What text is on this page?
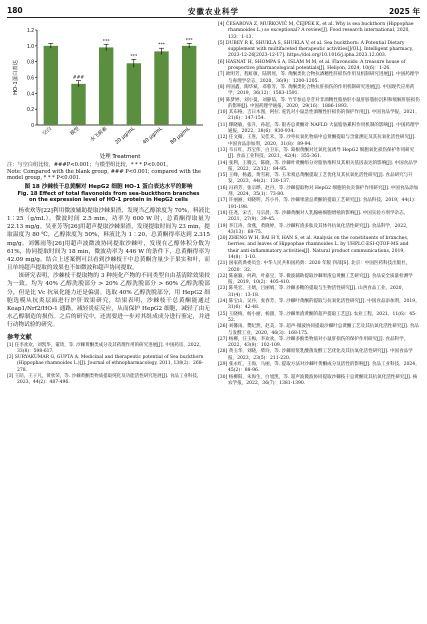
180	安徽农业科学	2025 年
0
0.2
0.4
0.6
0.8
1.0
1.2
HO-1蛋白表达
空白
###
模型
***
水飞蓟素
***
20 μg/mL
***
40 μg/mL
***
80 μg/mL
处理 Treatment
注：与空白组比较，###P<0.001；与模型组比较，* * * P<0.001。
Note: Compared with the blank group, ### P<0.001; compared with the model group, * * * P<0.001.
图 18 沙棘枝干总黄酮对 HepG2 细胞 HO-1 蛋白表达水平的影响
Fig. 18 Effect of total flavonoids from sea-buckthorn branches
on the expression level of HO-1 protein in HepG2 cells

杨欢欢等[22]利用微波辅助提取沙棘果渣，发现当乙醇浓度为 70%，料液比 1∶25（g/mL），微波时间 2.5 min，功率为 600 W 时，总黄酮得取量为 22.13 mg/g。吴亚芳等[26]用超声提取沙棘果渣，发现提取时间为 23 min，提取温度为 80 ℃，乙醇浓度为 50%，料液比为 1∶20，总黄酮得率达到 2.315 mg/g。刘馨雨等[26]用超声波微波协同提取沙棘叶，发现在乙醇体积分数为 61%，协同提取时间为 18 min，微波功率为 446 W 的条件下，总黄酮得率为 42.09 mg/g。结合上述案例可以看到沙棘枝干中总黄酮含量少于果实和叶，而且单纯超声提取的效果也不如微波和超声协同提取。

该研究表明，沙棘枝干提取物的 3 种纯化产物的不同类型自由基清除效果较为一致，均为 40% 乙醇洗脱部分 > 20% 乙醇洗脱部分 > 60% 乙醇洗脱部分，但是比 Vc 抗氧化能力还是偏弱。选取 40% 乙醇洗脱部分，用 HepG2 细胞选模从抗炎层面进行护肝效果研究，结果表明，沙棘枝干总黄酮能通过 Keap1/Nrf2/HO-1 通路，减轻炎症反应，从而保护 HepG2 细胞，减轻了由无水乙醇制造的损伤。之后的研究中，还需要进一步对其组成成分进行鉴定，并进行动物试验的研究。

参考文献

[1] 任李欢欢，刘凯华，董琦，等. 沙棘黄酮类成分及其药理作用的研究进展[J]. 中国药房，2022，33(8)：598-617.

[2] SURYAKUMAR G, GUPTA A. Medicinal and therapeutic potential of Sea buckthorn (Hippophae rhamnoides L.)[J]. Journal of ethnopharmacology, 2011, 138(2)：268-278.

[3] 王陪，王子凡，黄欣荣，等. 沙棘黄酮类物质提取纯化及功能活性研究进展[J]. 食品工业科技，2023，44(2)：487-496.

[4] ĆESAROVÁ Z, MUŘKOVIĆ M, ČEJPEK K, et al. Why is sea buckthorn (Hippophae rhamnoides L.) so exceptional? A review[J]. Food research international, 2020, 133：1-13.

[5] DUBEY R K, SHUKLA S, SHUKLA V, et al. Sea buckthorn: A Potential Dietary supplement with multifaceted therapeutic activities[J/OL]. Intelligent pharmacy, 2023-12-26[2023-12-17]. https://doi.org/10.1016/j.ipha.2023.12.003.

[6] HASNAT H, SHOMPA S A, ISLAM M M, et al. Flavonoids: A treasure house of prospective pharmacological potentials[J]. Heliyon, 2024, 10(6)：1-26.

[7] 欧明芳，程虹敏，陆明瑶，等. 黄酮类化合物抗酒精性肝损伤作用及机制研究进展[J]. 中国药理学与毒理学杂志，2020，36(9)：1200-1205.

[8] 何国鑫，陶华斌，邓蓉芳，等. 黄酮类化合物抗肝损伤的作用机制研究进展[J]. 中国现代应用药学，2019，36(12)：1583-1591.

[9] 陈梦婷，刘小曼，刘静茹，等. 竹节参总皂苷对非酒精性脂肪肝小鼠肝脏脂肪沉积和缓解肝脏损伤的影响[J]. 中国药理学通报，2020，29(16)：1886-1893.

[10] 其布格，吉日木图，阿拉. 驼乳对小鼠急性酒精性肝损伤的保护作用[J]. 中国食品学报，2021，21(6)：147-154.

[11] 缪晓敏，张升，孙超，等. 银杏总黄酮对 NAFLD 大鼠脂肪累积作用机制的影响[J]. 中国药理学通报，2022，38(6)：930-934.

[12] 任文翰，王进，吴佳禾，等. 沙枣抗氧化物质中总黄酮提取与含量测定及其抗氧化活性研究[J]. 中国食品添加剂，2020，31(8)：89-94.

[13] 韦日红，苏宝伟，白卫东，等. 葛根黄酮对过氧化氢诱导 HepG2 细胞氧化损伤保护作用研究[J]. 食品工业科技，2021，42(4)：355-361.

[14] 张利，王腾云，陈晓，等. 沙棘叶黄酮组分对脂肪堆积及其相关基因表达的影响[J]. 中国食品学报，2022，22(12)：84-95.

[15] 王峰，杨鑫，黄雪莉，等. 玉米须总黄酮提取工艺优化及其抗氧化活性研究[J]. 食品研究与开发，2023，44(2)：130-137.

[16] 冯莉芳，张宗晔，赵丹，等. 沙棘提取物对 HepG2 细胞的抗炎保护作用研究[J]. 中国食品添加剂，2024，35(1)：73-80.

[17] 许丽丽，刘晓明，苏小丹，等. 沙棘果渣总黄酮的提取工艺研究[J]. 食品科技，2019，44(1)：191-198.

[18] 任尧，宋吉，马宗晨，等. 沙棘黄酮对人乳腺癌细胞增殖的影响[J]. 中国实验方剂学杂志，2021，27(9)：39-45.

[19] 李江涛，余燕，黄晓婷，等. 沙棘籽渣多肽及其体外抗氧化活性研究[J]. 食品科学，2022，43(13)：68-75.

[20] ZHENG W H, BAI H Y, HAN S, et al. Analysis on the constituents of branches, berries, and leaves of Hippophae rhamnoides L. by UHPLC-ESI-QTOF-MS and their anti-inflammatory activities[J]. Natural product communications, 2019, 14(8)：1-10.

[21] 国家药典委员会. 中华人民共和国药典：2020 年版 四部[S]. 北京：中国医药科技出版社，2020：32.

[22] 陈嘉毅，何莉，叶嘉宝，等. 微波辅助提取沙棘果渣总黄酮工艺研究[J]. 食品安全质量检测学报，2019，10(2)：405-410.

[23] 陈英宏，王婧，吕丽娟，等. 沙棘多糖的提取与生物活性研究[J]. 山西食品工业，2020，31(4)：13-18.

[24] 陈宝山，吴丹，张春芳，等. 沙棘叶黄酮的提取与抗氧化活性研究[J]. 中国食品添加剂，2019，31(6)：42-48.

[25] 王晓梅，杨小丽，杨甜，等. 沙棘果渣黄酮的超声提取工艺[J]. 农业工程，2021，11(6)：45-52.

[26] 刘馨雨，樊纪然，赵美，等. 超声-微波协同提取沙棘叶总黄酮工艺及其抗氧化活性研究[J]. 食品与发酵工业，2020，46(3)：168-175.

[27] 杨柳，汪玉梅，李欢欢，等. 沙棘多酚类物质对小鼠肝损伤的保护作用研究[J]. 食品科学，2022，43(9)：102-109.

[28] 黄玉华，刘晓，柴玲，等. 沙棘原浆乳酸菌发酵工艺优化及其抗氧化活性研究[J]. 中国食品学报，2023，23(5)：211-220.

[29] 张永红，王海，马丽，等. 提取方法对沙棘叶黄酮成分及活性的影响[J]. 食品工业科技，2024，45(2)：88-96.

[30] 杨柳阳，朱海生，白旭凯，等. 超声波微波协同提取沙棘枝干总黄酮及其抗氧化活性研究[J]. 核农学报，2022，36(7)：1381-1390.
